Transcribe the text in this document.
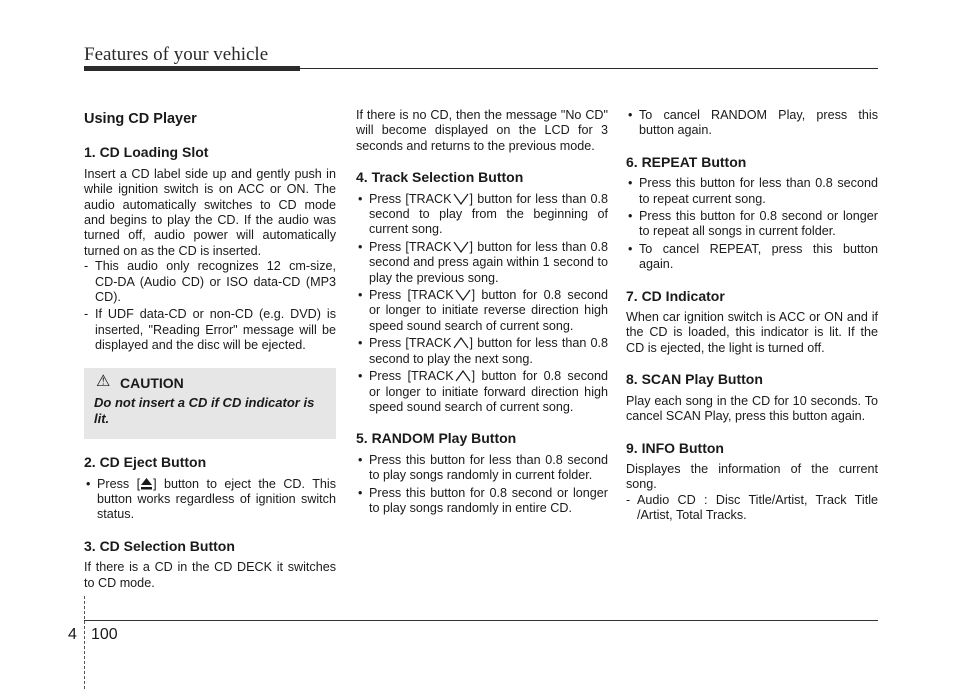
Features of your vehicle
Using CD Player
1. CD Loading Slot

Insert a CD label side up and gently push in while ignition switch is on ACC or ON. The audio automatically switches to CD mode and begins to play the CD. If the audio was turned off, audio power will automatically turned on as the CD is inserted.

- This audio only recognizes 12 cm-size, CD-DA (Audio CD) or ISO data-CD (MP3 CD).
- If UDF data-CD or non-CD (e.g. DVD) is inserted, "Reading Error" message will be displayed and the disc will be ejected.
⚠ CAUTION
Do not insert a CD if CD indicator is lit.
2. CD Eject Button
• Press [ ] button to eject the CD. This button works regardless of ignition switch status.
3. CD Selection Button

If there is a CD in the CD DECK it switches to CD mode.

If there is no CD, then the message "No CD" will become displayed on the LCD for 3 seconds and returns to the previous mode.

4. Track Selection Button
• Press [TRACK ] button for less than 0.8 second to play from the beginning of current song.
• Press [TRACK ] button for less than 0.8 second and press again within 1 second to play the previous song.
• Press [TRACK ] button for 0.8 second or longer to initiate reverse direction high speed sound search of current song.
• Press [TRACK ] button for less than 0.8 second to play the next song.
• Press [TRACK ] button for 0.8 second or longer to initiate forward direction high speed sound search of current song.
5. RANDOM Play Button
• Press this button for less than 0.8 second to play songs randomly in current folder.
• Press this button for 0.8 second or longer to play songs randomly in entire CD.
• To cancel RANDOM Play, press this button again.
6. REPEAT Button
• Press this button for less than 0.8 second to repeat current song.
• Press this button for 0.8 second or longer to repeat all songs in current folder.
• To cancel REPEAT, press this button again.
7. CD Indicator

When car ignition switch is ACC or ON and if the CD is loaded, this indicator is lit. If the CD is ejected, the light is turned off.

8. SCAN Play Button

Play each song in the CD for 10 seconds. To cancel SCAN Play, press this button again.

9. INFO Button

Displayes the information of the current song.

- Audio CD : Disc Title/Artist, Track Title /Artist, Total Tracks.
4 100
